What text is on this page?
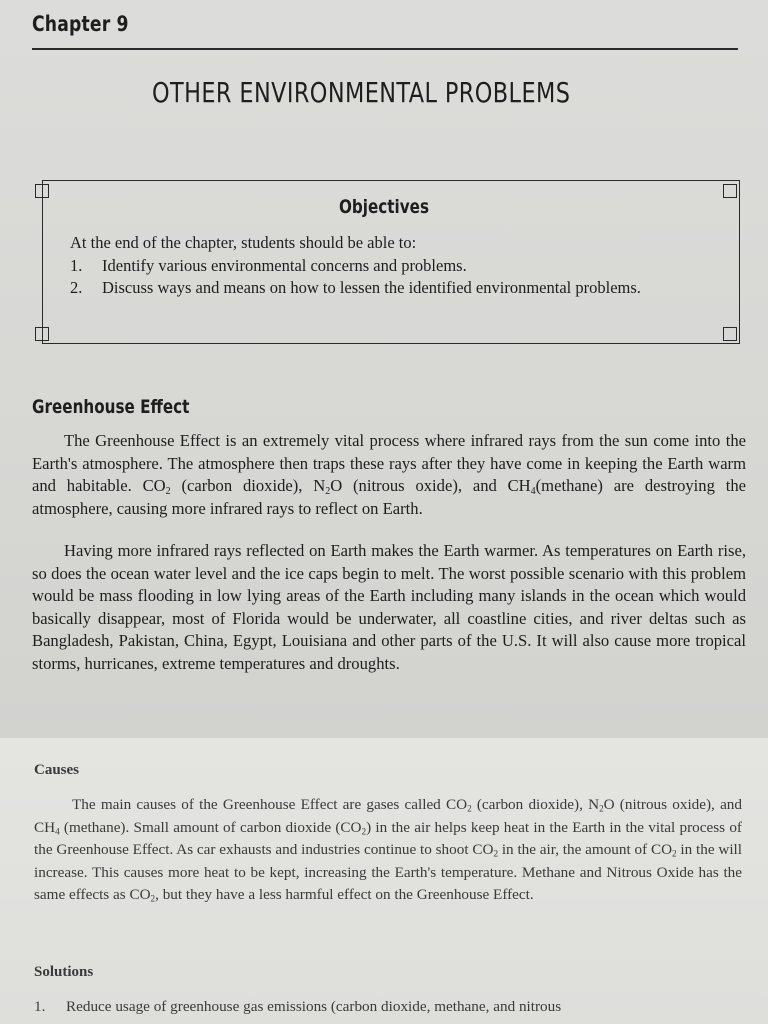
Chapter 9
OTHER ENVIRONMENTAL PROBLEMS
Objectives
At the end of the chapter, students should be able to:
1.	Identify various environmental concerns and problems.
2.	Discuss ways and means on how to lessen the identified environmental problems.
Greenhouse Effect
The Greenhouse Effect is an extremely vital process where infrared rays from the sun come into the Earth's atmosphere. The atmosphere then traps these rays after they have come in keeping the Earth warm and habitable. $CO_2$ (carbon dioxide), $N_2O$ (nitrous oxide), and $CH_4(methane)$ are destroying the atmosphere, causing more infrared rays to reflect on Earth.
Having more infrared rays reflected on Earth makes the Earth warmer. As temperatures on Earth rise, so does the ocean water level and the ice caps begin to melt. The worst possible scenario with this problem would be mass flooding in low lying areas of the Earth including many islands in the ocean which would basically disappear, most of Florida would be underwater, all coastline cities, and river deltas such as Bangladesh, Pakistan, China, Egypt, Louisiana and other parts of the U.S. It will also cause more tropical storms, hurricanes, extreme temperatures and droughts.
Causes
The main causes of the Greenhouse Effect are gases called $CO_2$ (carbon dioxide), $N_2O$ (nitrous oxide), and $CH_4$ (methane). Small amount of carbon dioxide $(CO_2)$ in the air helps keep heat in the Earth in the vital process of the Greenhouse Effect. As car exhausts and industries continue to shoot $CO_2$ in the air, the amount of $CO_2$ in the will increase. This causes more heat to be kept, increasing the Earth's temperature. Methane and Nitrous Oxide has the same effects as $CO_2$, but they have a less harmful effect on the Greenhouse Effect.
Solutions
1.	Reduce usage of greenhouse gas emissions (carbon dioxide, methane, and nitrous
